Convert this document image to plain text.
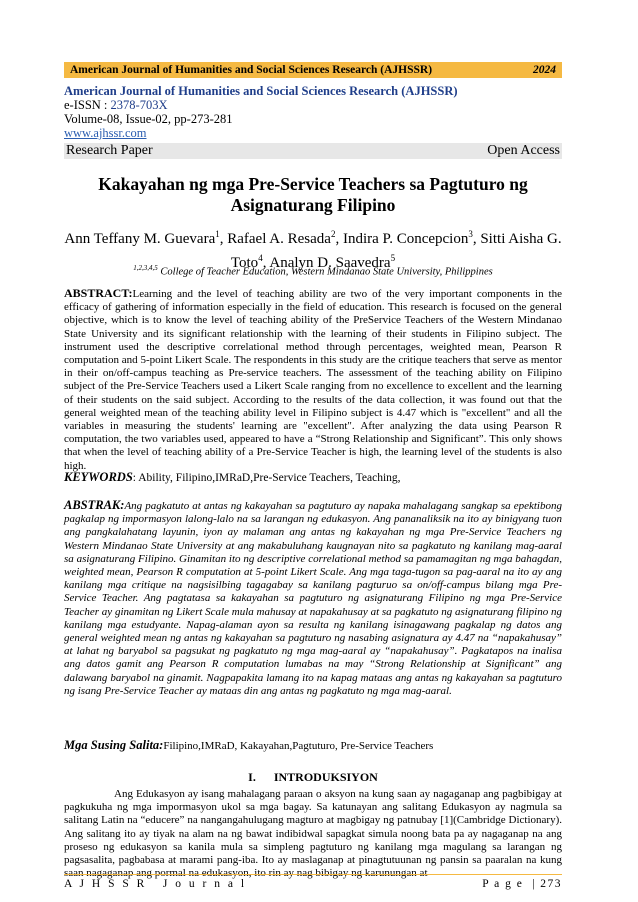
American Journal of Humanities and Social Sciences Research (AJHSSR)	2024
American Journal of Humanities and Social Sciences Research (AJHSSR)
e-ISSN : 2378-703X
Volume-08, Issue-02, pp-273-281
www.ajhssr.com
Research Paper	Open Access
Kakayahan ng mga Pre-Service Teachers sa Pagtuturo ng Asignaturang Filipino
Ann Teffany M. Guevara$^1$, Rafael A. Resada$^2$, Indira P. Concepcion$^3$, Sitti Aisha G. Toto$^4$, Analyn D. Saavedra$^5$
$^{1,2,3,4,5}$ College of Teacher Education, Western Mindanao State University, Philippines
ABSTRACT:Learning and the level of teaching ability are two of the very important components in the efficacy of gathering of information especially in the field of education. This research is focused on the general objective, which is to know the level of teaching ability of the PreService Teachers of the Western Mindanao State University and its significant relationship with the learning of their students in Filipino subject. The instrument used the descriptive correlational method through percentages, weighted mean, Pearson R computation and 5-point Likert Scale. The respondents in this study are the critique teachers that serve as mentor in their on/off-campus teaching as Pre-service teachers. The assessment of the teaching ability on Filipino subject of the Pre-Service Teachers used a Likert Scale ranging from no excellence to excellent and the learning of their students on the said subject. According to the results of the data collection, it was found out that the general weighted mean of the teaching ability level in Filipino subject is 4.47 which is "excellent" and all the variables in measuring the students' learning are "excellent". After analyzing the data using Pearson R computation, the two variables used, appeared to have a “Strong Relationship and Significant”. This only shows that when the level of teaching ability of a Pre-Service Teacher is high, the learning level of the students is also high.
KEYWORDS: Ability, Filipino,IMRaD,Pre-Service Teachers, Teaching,
ABSTRAK:Ang pagkatuto at antas ng kakayahan sa pagtuturo ay napaka mahalagang sangkap sa epektibong pagkalap ng impormasyon lalong-lalo na sa larangan ng edukasyon. Ang pananaliksik na ito ay binigyang tuon ang pangkalahatang layunin, iyon ay malaman ang antas ng kakayahan ng mga Pre-Service Teachers ng Western Mindanao State University at ang makabuluhang kaugnayan nito sa pagkatuto ng kanilang mag-aaral sa asignaturang Filipino. Ginamitan ito ng descriptive correlational method sa pamamagitan ng mga bahagdan, weighted mean, Pearson R computation at 5-point Likert Scale. Ang mga taga-tugon sa pag-aaral na ito ay ang kanilang mga critique na nagsisilbing tagagabay sa kanilang pagturuo sa on/off-campus bilang mga Pre-Service Teacher. Ang pagtatasa sa kakayahan sa pagtuturo ng asignaturang Filipino ng mga Pre-Service Teacher ay ginamitan ng Likert Scale mula mahusay at napakahusay at sa pagkatuto ng asignaturang filipino ng kanilang mga estudyante. Napag-alaman ayon sa resulta ng kanilang isinagawang pagkalap ng datos ang general weighted mean ng antas ng kakayahan sa pagtuturo ng nasabing asignatura ay 4.47 na “napakahusay” at lahat ng baryabol sa pagsukat ng pagkatuto ng mga mag-aaral ay “napakahusay”. Pagkatapos na inalisa ang datos gamit ang Pearson R computation lumabas na may “Strong Relationship at Significant” ang dalawang baryabol na ginamit. Nagpapakita lamang ito na kapag mataas ang antas ng kakayahan sa pagtuturo ng isang Pre-Service Teacher ay mataas din ang antas ng pagkatuto ng mga mag-aaral.
Mga Susing Salita:Filipino,IMRaD, Kakayahan,Pagtuturo, Pre-Service Teachers
I.      INTRODUKSIYON
Ang Edukasyon ay isang mahalagang paraan o aksyon na kung saan ay nagaganap ang pagbibigay at pagkukuha ng mga impormasyon ukol sa mga bagay. Sa katunayan ang salitang Edukasyon ay nagmula sa salitang Latin na “educere” na nangangahulugang magturo at magbigay ng patnubay [1](Cambridge Dictionary). Ang salitang ito ay tiyak na alam na ng bawat indibidwal sapagkat simula noong bata pa ay nagaganap na ang proseso ng edukasyon sa kanila mula sa simpleng pagtuturo ng kanilang mga magulang sa larangan ng pagsasalita, pagbabasa at marami pang-iba. Ito ay maslaganap at pinagtutuunan ng pansin sa paaralan na kung saan nagaganap ang pormal na edukasyon, ito rin ay nag bibigay ng karunungan at
A J H S S R   J o u r n a l	P a g e  | 273
